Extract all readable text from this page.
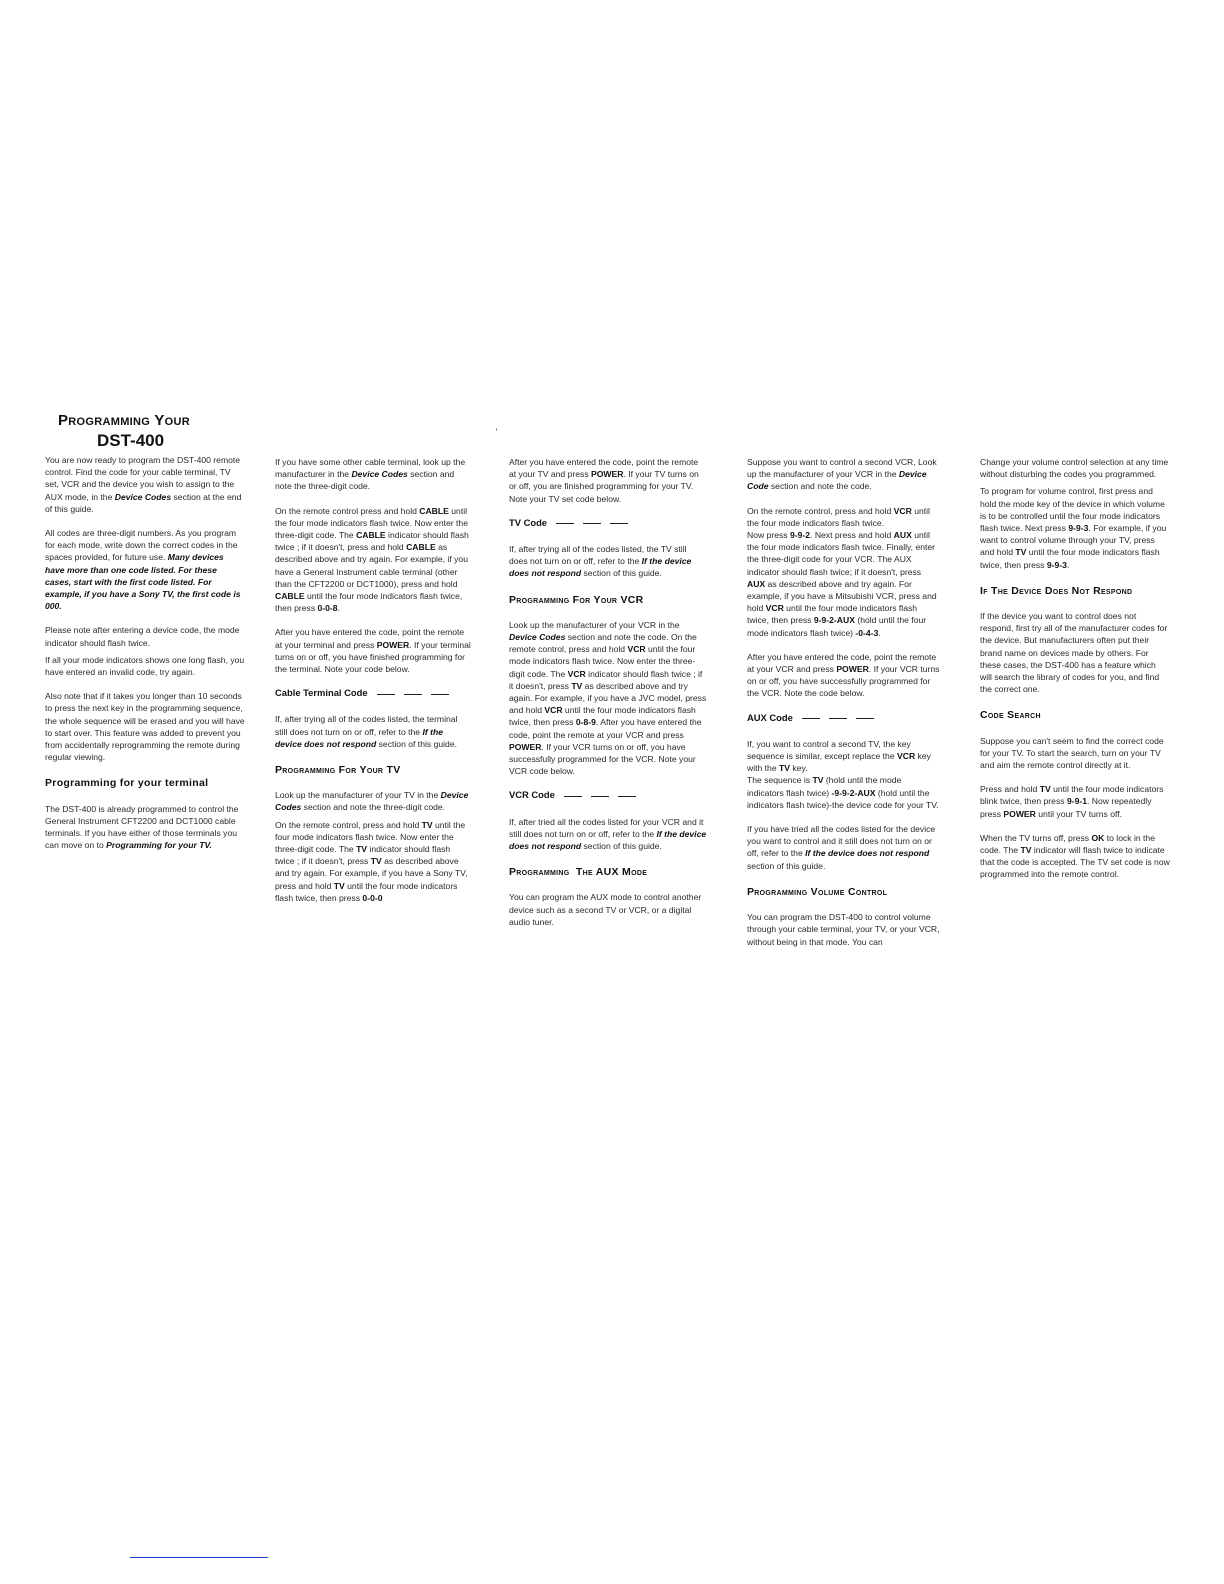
Programming Your
DST-400

You are now ready to program the DST-400 remote control. Find the code for your cable terminal, TV set, VCR and the device you wish to assign to the AUX mode, in the Device Codes section at the end of this guide.

All codes are three-digit numbers. As you program for each mode, write down the correct codes in the spaces provided, for future use. Many devices have more than one code listed. For these cases, start with the first code listed. For example, if you have a Sony TV, the first code is 000.

Please note after entering a device code, the mode indicator should flash twice.

If all your mode indicators shows one long flash, you have entered an invalid code, try again.

Also note that if it takes you longer than 10 seconds to press the next key in the programming sequence, the whole sequence will be erased and you will have to start over. This feature was added to prevent you from accidentally reprogramming the remote during regular viewing.

Programming for your terminal

The DST-400 is already programmed to control the General Instrument CFT2200 and DCT1000 cable terminals. If you have either of those terminals you can move on to Programming for your TV.

If you have some other cable terminal, look up the manufacturer in the Device Codes section and note the three-digit code.

On the remote control press and hold CABLE until the four mode indicators flash twice. Now enter the three-digit code. The CABLE indicator should flash twice ; if it doesn't, press and hold CABLE as described above and try again. For example, if you have a General Instrument cable terminal (other than the CFT2200 or DCT1000), press and hold CABLE until the four mode indicators flash twice, then press 0-0-8.

After you have entered the code, point the remote at your terminal and press POWER. If your terminal turns on or off, you have finished programming for the terminal. Note your code below.

Cable Terminal Code

If, after trying all of the codes listed, the terminal still does not turn on or off, refer to the If the device does not respond section of this guide.

Programming For Your TV

Look up the manufacturer of your TV in the Device Codes section and note the three-digit code.

On the remote control, press and hold TV until the four mode indicators flash twice. Now enter the three-digit code. The TV indicator should flash twice ; if it doesn't, press TV as described above and try again. For example, if you have a Sony TV, press and hold TV until the four mode indicators flash twice, then press 0-0-0

After you have entered the code, point the remote at your TV and press POWER. If your TV turns on or off, you are finished programming for your TV. Note your TV set code below.

TV Code

If, after trying all of the codes listed, the TV still does not turn on or off, refer to the If the device does not respond section of this guide.

Programming For Your VCR

Look up the manufacturer of your VCR in the Device Codes section and note the code. On the remote control, press and hold VCR until the four mode indicators flash twice. Now enter the three-digit code. The VCR indicator should flash twice ; if it doesn't, press TV as described above and try again. For example, if you have a JVC model, press and hold VCR until the four mode indicators flash twice, then press 0-8-9. After you have entered the code, point the remote at your VCR and press POWER. If your VCR turns on or off, you have successfully programmed for the VCR. Note your VCR code below.

VCR Code

If, after tried all the codes listed for your VCR and it still does not turn on or off, refer to the If the device does not respond section of this guide.

Programming The AUX Mode

You can program the AUX mode to control another device such as a second TV or VCR, or a digital audio tuner.

Suppose you want to control a second VCR, Look up the manufacturer of your VCR in the Device Code section and note the code.

On the remote control, press and hold VCR until the four mode indicators flash twice.
Now press 9-9-2. Next press and hold AUX until the four mode indicators flash twice. Finally, enter the three-digit code for your VCR. The AUX indicator should flash twice; if it doesn't, press AUX as described above and try again. For example, if you have a Mitsubishi VCR, press and hold VCR until the four mode indicators flash twice, then press 9-9-2-AUX (hold until the four mode indicators flash twice) -0-4-3.

After you have entered the code, point the remote at your VCR and press POWER. If your VCR turns on or off, you have successfully programmed for the VCR. Note the code below.

AUX Code

If, you want to control a second TV, the key sequence is similar, except replace the VCR key with the TV key.
The sequence is TV (hold until the mode indicators flash twice) -9-9-2-AUX (hold until the indicators flash twice)-the device code for your TV.

If you have tried all the codes listed for the device you want to control and it still does not turn on or off, refer to the If the device does not respond section of this guide.

Programming Volume Control

You can program the DST-400 to control volume through your cable terminal, your TV, or your VCR, without being in that mode. You can

Change your volume control selection at any time without disturbing the codes you programmed.

To program for volume control, first press and hold the mode key of the device in which volume is to be controlled until the four mode indicators flash twice. Next press 9-9-3. For example, if you want to control volume through your TV, press and hold TV until the four mode indicators flash twice, then press 9-9-3.

If The Device Does Not Respond

If the device you want to control does not respond, first try all of the manufacturer codes for the device. But manufacturers often put their brand name on devices made by others. For these cases, the DST-400 has a feature which will search the library of codes for you, and find the correct one.

Code Search

Suppose you can't seem to find the correct code for your TV. To start the search, turn on your TV and aim the remote control directly at it.

Press and hold TV until the four mode indicators blink twice, then press 9-9-1. Now repeatedly press POWER until your TV turns off.

When the TV turns off, press OK to lock in the code. The TV indicator will flash twice to indicate that the code is accepted. The TV set code is now programmed into the remote control.
